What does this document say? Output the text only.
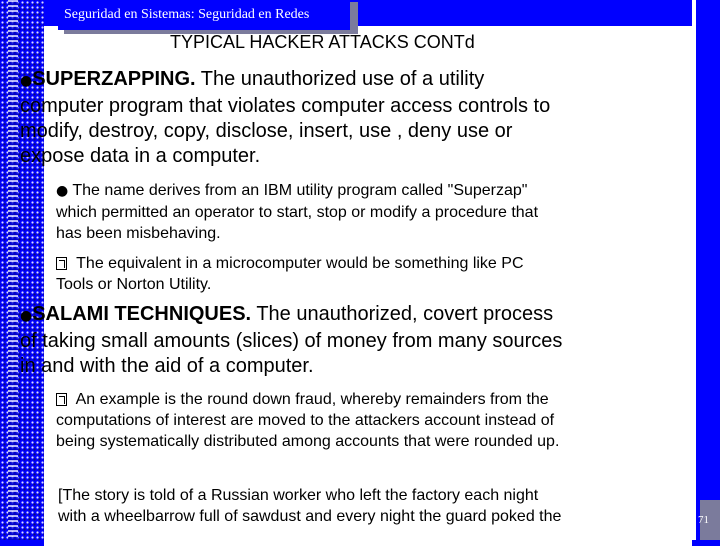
Seguridad en Sistemas: Seguridad en Redes
TYPICAL HACKER ATTACKS CONTd
●SUPERZAPPING. The unauthorized use of a utility
computer program that violates computer access controls to
modify, destroy, copy, disclose, insert, use , deny use or
expose data in a computer.
● The name derives from an IBM utility program called "Superzap"
which permitted an operator to start, stop or modify a procedure that
has been misbehaving.
The equivalent in a microcomputer would be something like PC
Tools or Norton Utility.
●SALAMI TECHNIQUES. The unauthorized, covert process
of taking small amounts (slices) of money from many sources
in and with the aid of a computer.
An example is the round down fraud, whereby remainders from the
computations of interest are moved to the attackers account instead of
being systematically distributed among accounts that were rounded up.
[The story is told of a Russian worker who left the factory each night
with a wheelbarrow full of sawdust and every night the guard poked the	71
